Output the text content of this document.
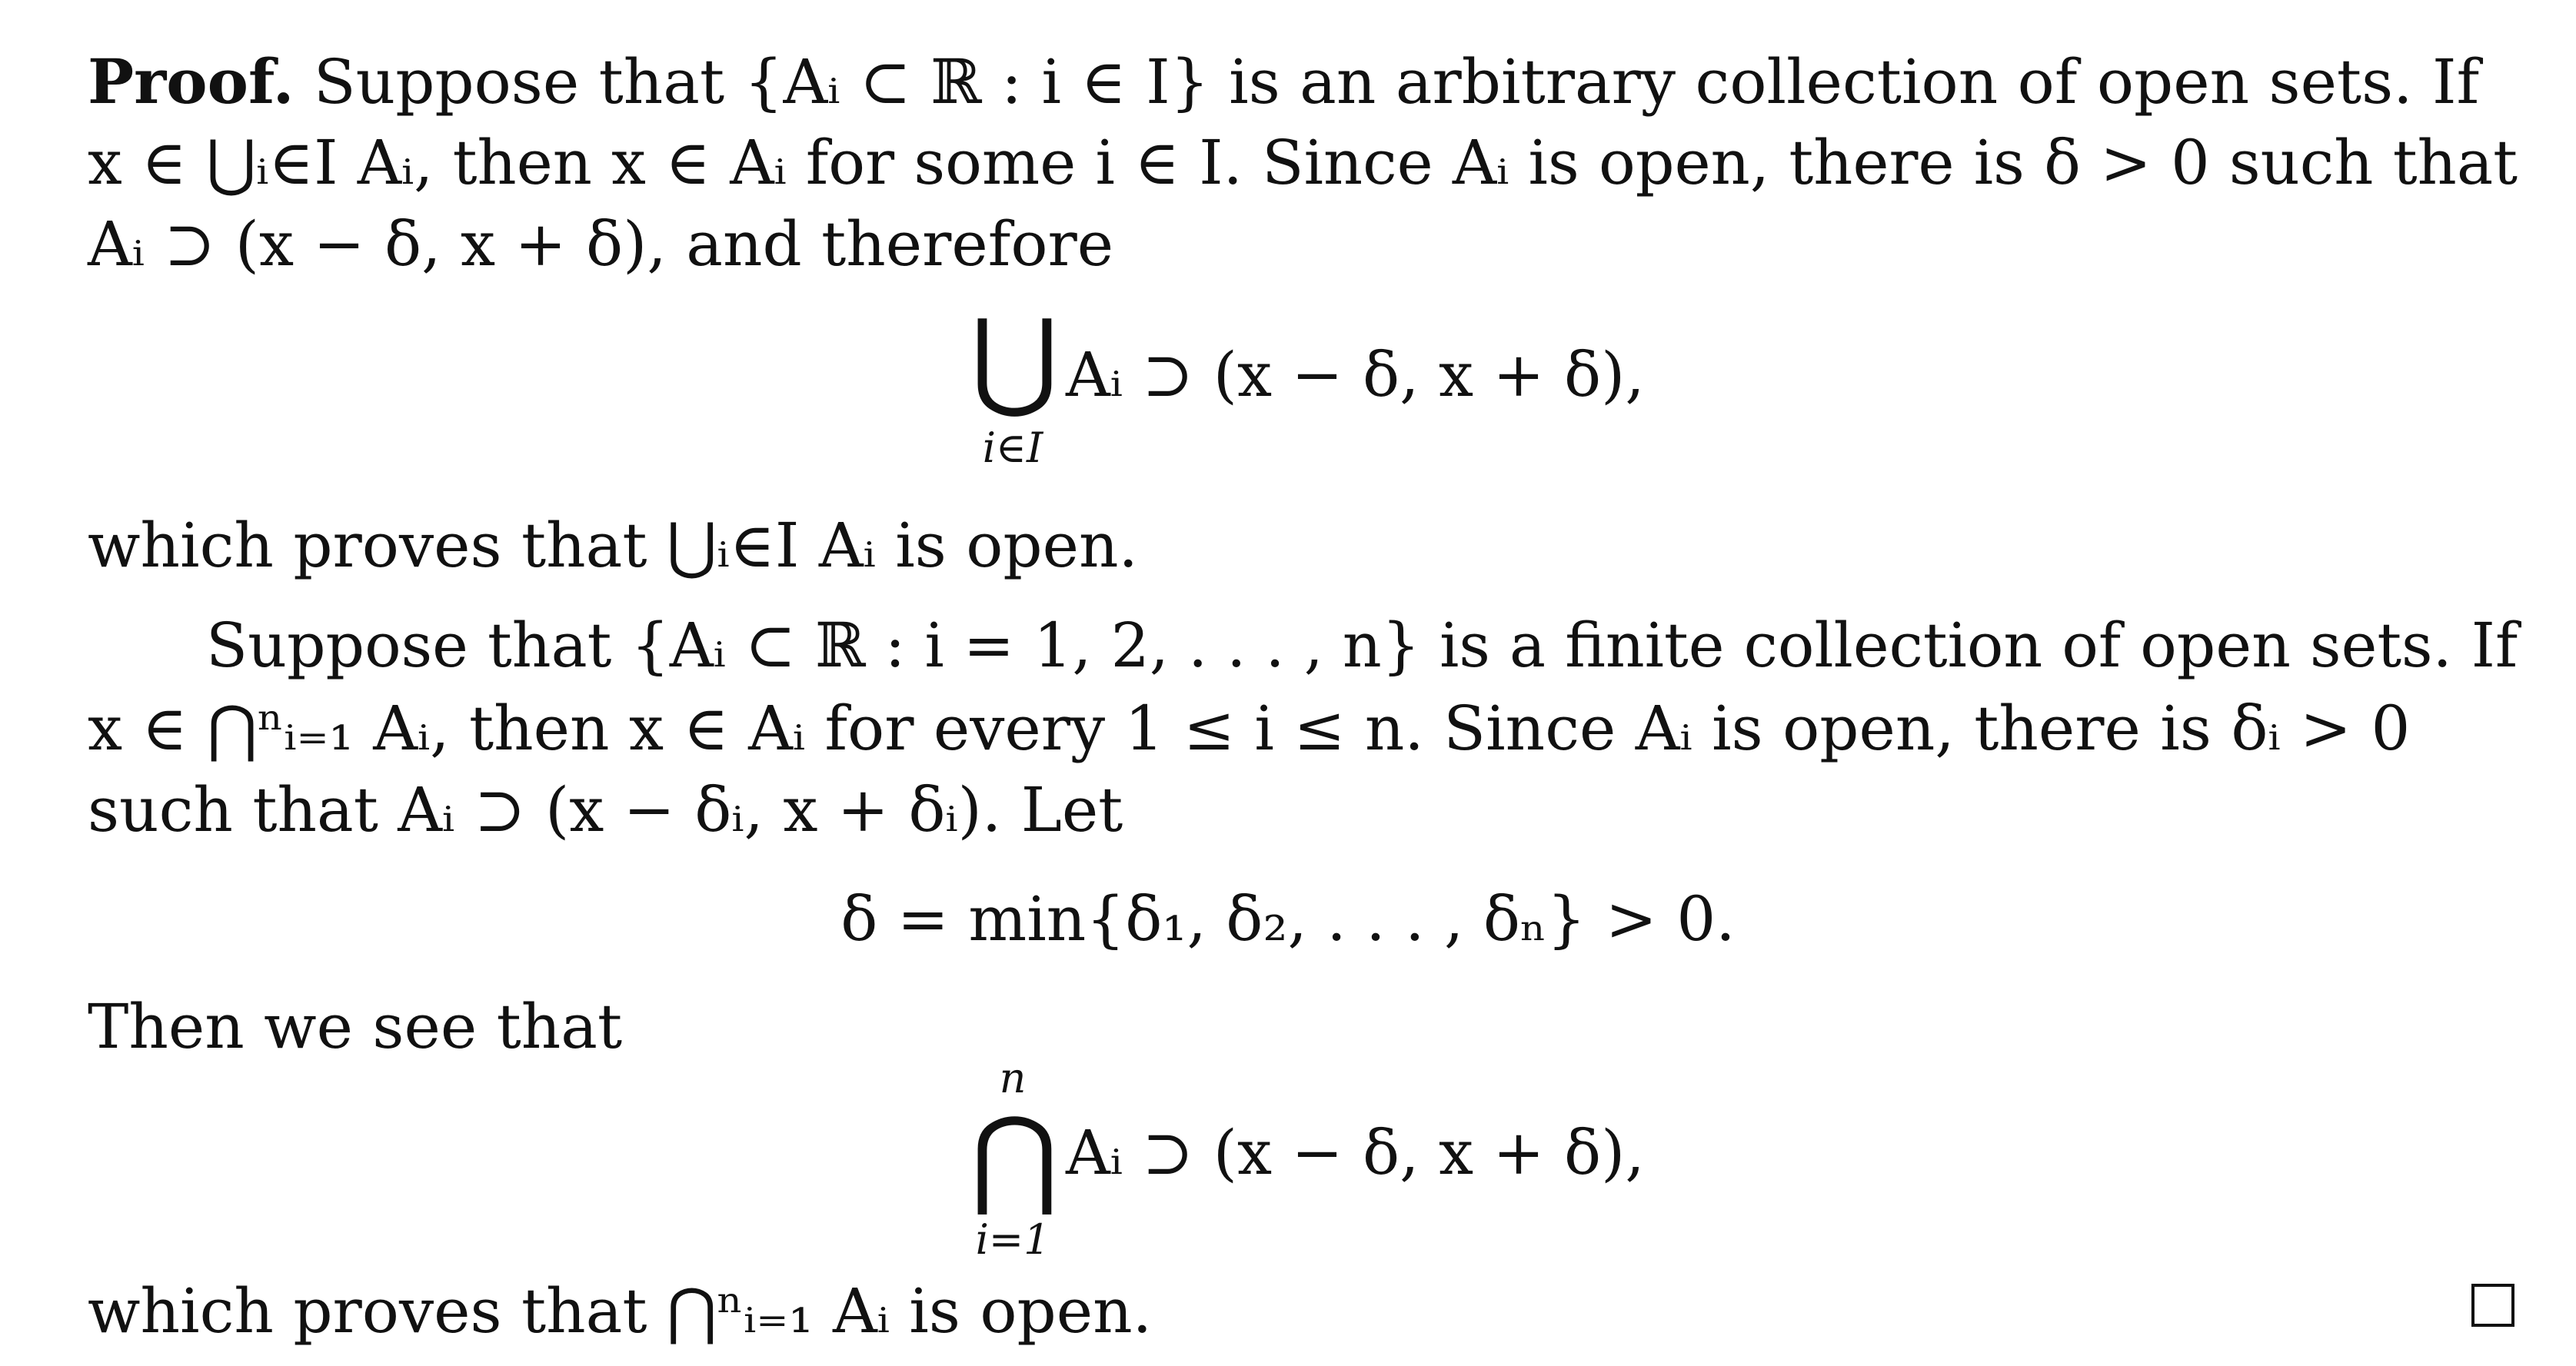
Proof. Suppose that {Aᵢ ⊂ ℝ : i ∈ I} is an arbitrary collection of open sets. If
x ∈ ⋃ᵢ∈I Aᵢ, then x ∈ Aᵢ for some i ∈ I. Since Aᵢ is open, there is δ > 0 such that
Aᵢ ⊃ (x − δ, x + δ), and therefore
⋃
i∈I
Aᵢ ⊃ (x − δ, x + δ),
which proves that ⋃ᵢ∈I Aᵢ is open.
Suppose that {Aᵢ ⊂ ℝ : i = 1, 2, . . . , n} is a finite collection of open sets. If
x ∈ ⋂ⁿᵢ₌₁ Aᵢ, then x ∈ Aᵢ for every 1 ≤ i ≤ n. Since Aᵢ is open, there is δᵢ > 0
such that Aᵢ ⊃ (x − δᵢ, x + δᵢ). Let
δ = min{δ₁, δ₂, . . . , δₙ} > 0.
Then we see that
n
⋂
i=1
Aᵢ ⊃ (x − δ, x + δ),
which proves that ⋂ⁿᵢ₌₁ Aᵢ is open.
